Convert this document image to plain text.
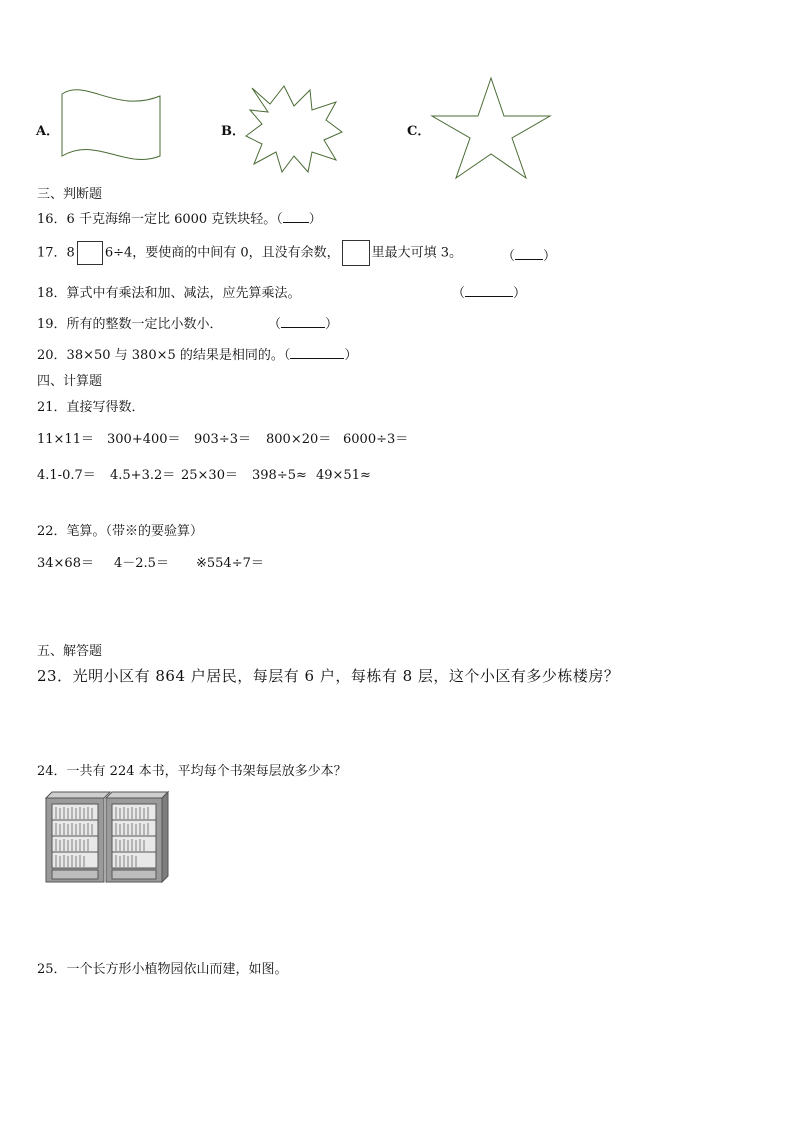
A．	B．	C．
三、判断题
16．6 千克海绵一定比 6000 克铁块轻。（ ）
17．8 6÷4，要使商的中间有 0，且没有余数， 里最大可填 3。	（ ）
18．算式中有乘法和加、减法，应先算乘法。	（	）
19．所有的整数一定比小数小．	（	）
20．38×50 与 380×5 的结果是相同的。（	）
四、计算题
21．直接写得数．
11×11＝ 300+400＝ 903÷3＝ 800×20＝ 6000÷3＝
4.1-0.7＝ 4.5+3.2＝ 25×30＝ 398÷5≈ 49×51≈
22．笔算。（带※的要验算）
34×68＝ 4－2.5＝ ※554÷7＝
五、解答题
23．光明小区有 864 户居民，每层有 6 户，每栋有 8 层，这个小区有多少栋楼房？
24．一共有 224 本书，平均每个书架每层放多少本？
25．一个长方形小植物园依山而建，如图。
